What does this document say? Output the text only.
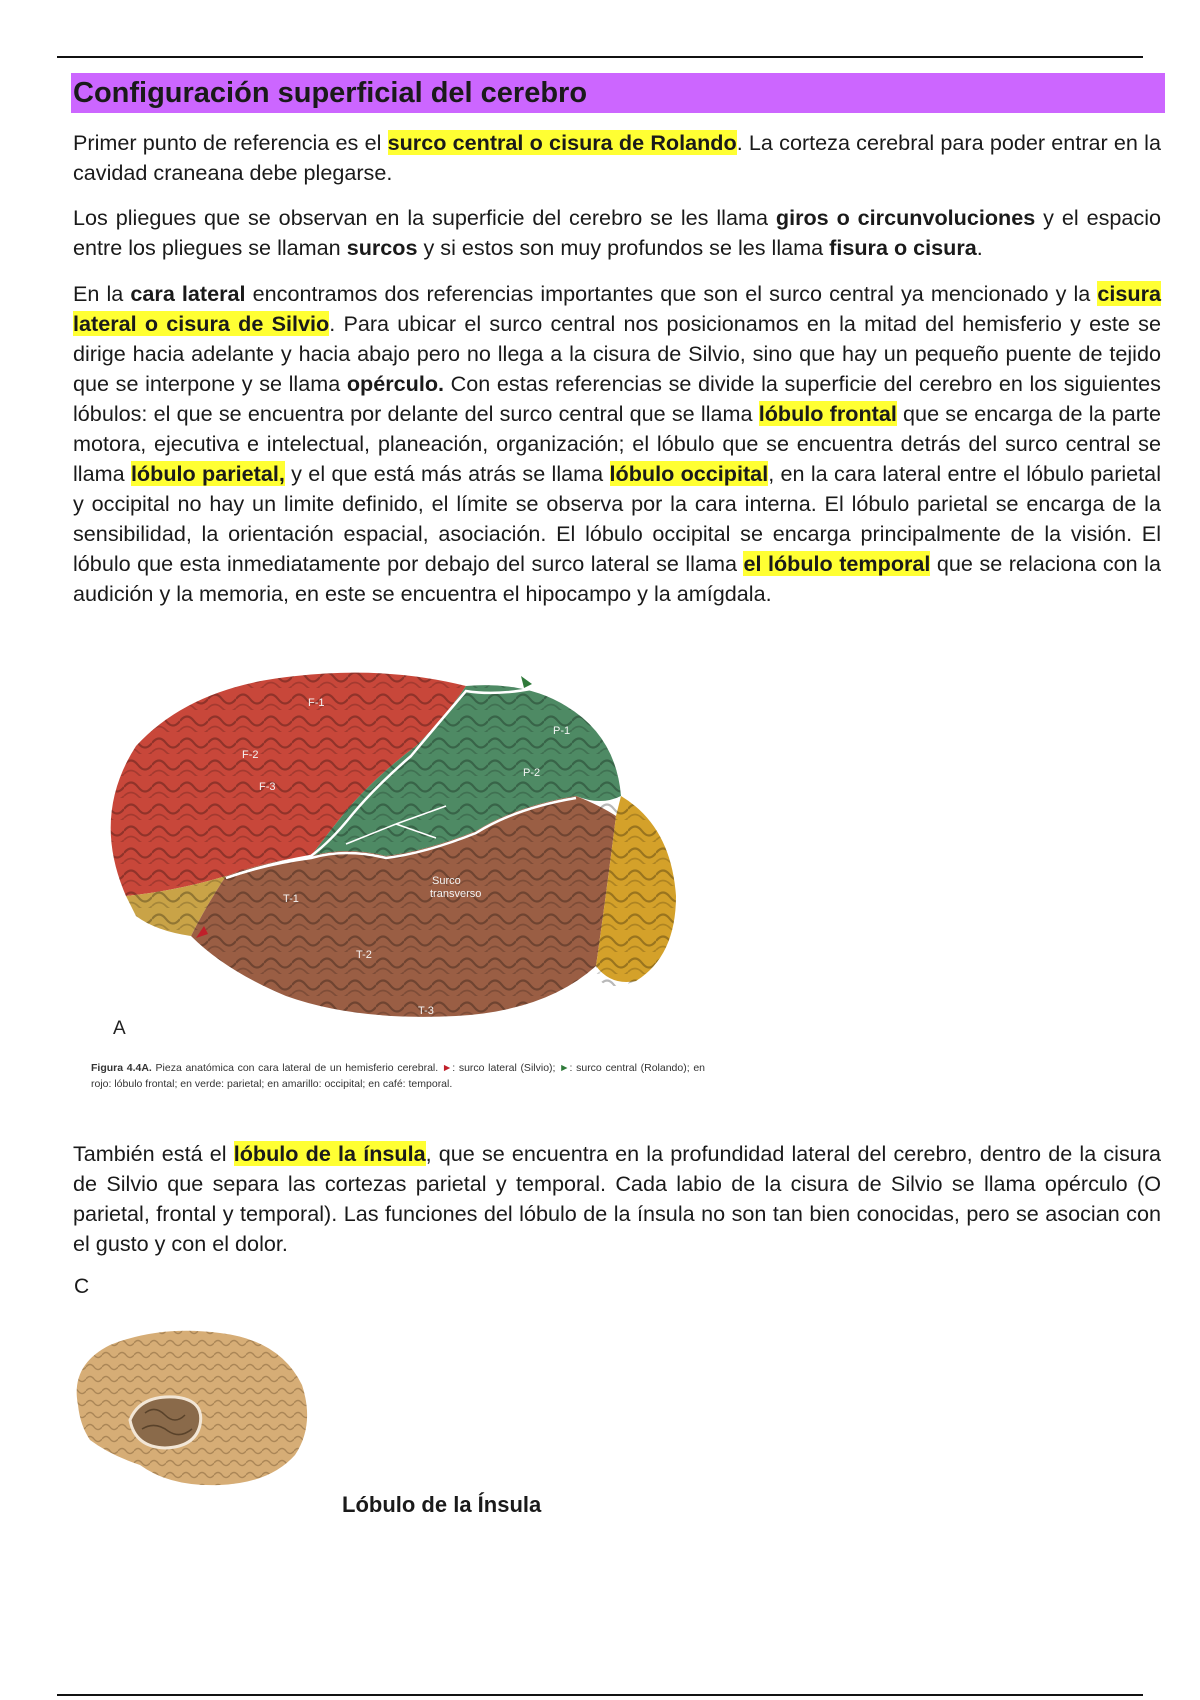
Configuración superficial del cerebro

Primer punto de referencia es el surco central o cisura de Rolando. La corteza cerebral para poder entrar en la cavidad craneana debe plegarse.

Los pliegues que se observan en la superficie del cerebro se les llama giros o circunvoluciones y el espacio entre los pliegues se llaman surcos y si estos son muy profundos se les llama fisura o cisura.

En la cara lateral encontramos dos referencias importantes que son el surco central ya mencionado y la cisura lateral o cisura de Silvio. Para ubicar el surco central nos posicionamos en la mitad del hemisferio y este se dirige hacia adelante y hacia abajo pero no llega a la cisura de Silvio, sino que hay un pequeño puente de tejido que se interpone y se llama opérculo. Con estas referencias se divide la superficie del cerebro en los siguientes lóbulos: el que se encuentra por delante del surco central que se llama lóbulo frontal que se encarga de la parte motora, ejecutiva e intelectual, planeación, organización; el lóbulo que se encuentra detrás del surco central se llama lóbulo parietal, y el que está más atrás se llama lóbulo occipital, en la cara lateral entre el lóbulo parietal y occipital no hay un limite definido, el límite se observa por la cara interna. El lóbulo parietal se encarga de la sensibilidad, la orientación espacial, asociación. El lóbulo occipital se encarga principalmente de la visión. El lóbulo que esta inmediatamente por debajo del surco lateral se llama el lóbulo temporal que se relaciona con la audición y la memoria, en este se encuentra el hipocampo y la amígdala.

F-1
F-2
F-3
P-1
P-2
T-1
T-2
T-3
Surco
transverso
A
Figura 4.4A. Pieza anatómica con cara lateral de un hemisferio cerebral. ►: surco lateral (Silvio); ►: surco central (Rolando); en rojo: lóbulo frontal; en verde: parietal; en amarillo: occipital; en café: temporal.

También está el lóbulo de la ínsula, que se encuentra en la profundidad lateral del cerebro, dentro de la cisura de Silvio que separa las cortezas parietal y temporal. Cada labio de la cisura de Silvio se llama opérculo (O parietal, frontal y temporal). Las funciones del lóbulo de la ínsula no son tan bien conocidas, pero se asocian con el gusto y con el dolor.

C
Lóbulo de la Ínsula
